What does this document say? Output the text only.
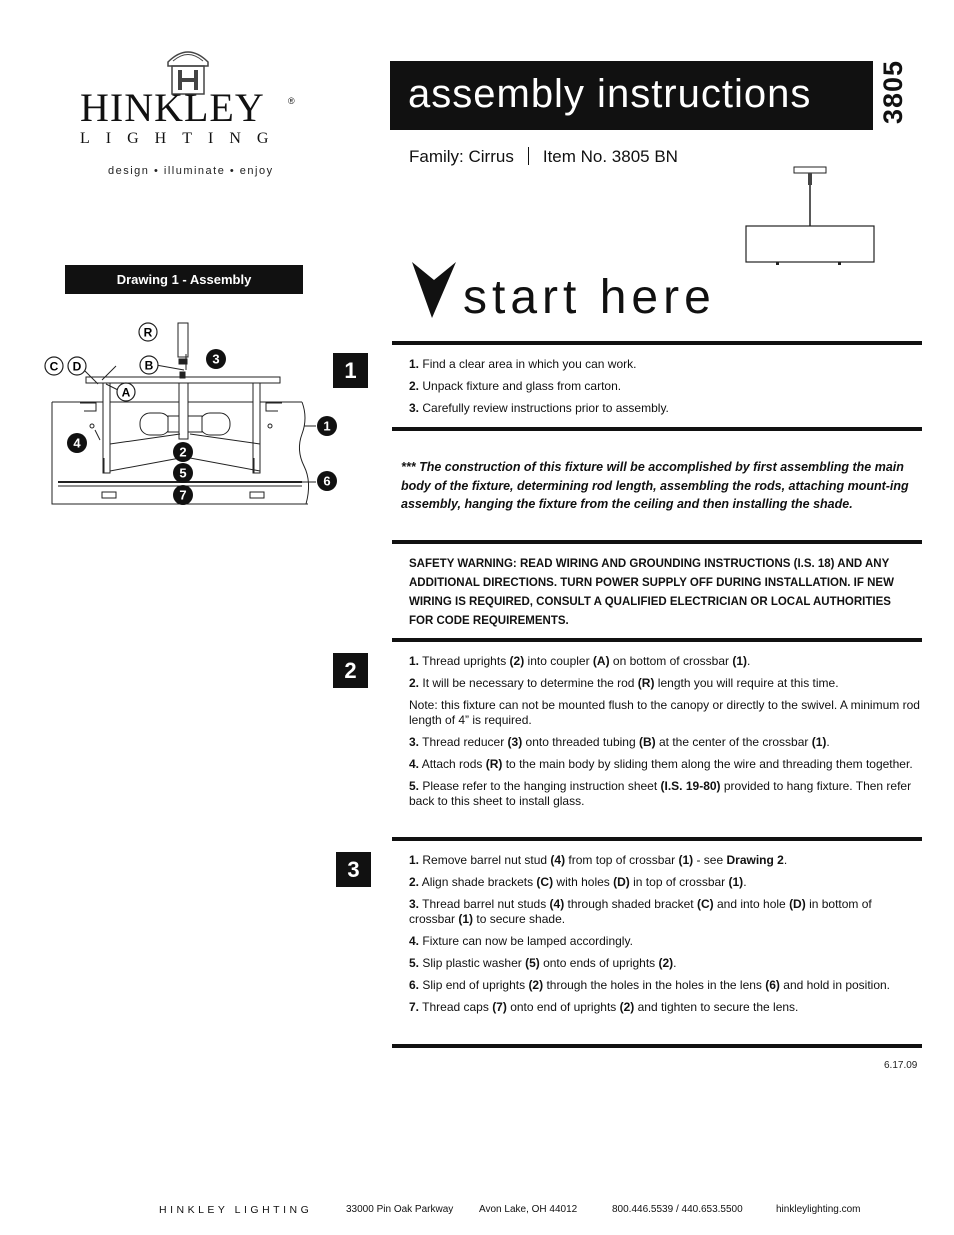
HINKLEY	®
LIGHTING
design • illuminate • enjoy
assembly instructions 3805
Family: Cirrus Item No. 3805 BN
start here
Drawing 1 - Assembly
R
B
C D
A
3
1
4
2
5
6
7
1	1. Find a clear area in which you can work.

2. Unpack fixture and glass from carton.

3. Carefully review instructions prior to assembly.

*** The construction of this fixture will be accomplished by first assembling the main body of the fixture, determining rod length, assembling the rods, attaching mount-ing assembly, hanging the fixture from the ceiling and then installing the shade.
SAFETY WARNING: READ WIRING AND GROUNDING INSTRUCTIONS (I.S. 18) AND ANY ADDITIONAL DIRECTIONS. TURN POWER SUPPLY OFF DURING INSTALLATION. IF NEW WIRING IS REQUIRED, CONSULT A QUALIFIED ELECTRICIAN OR LOCAL AUTHORITIES FOR CODE REQUIREMENTS.
2	1. Thread uprights (2) into coupler (A) on bottom of crossbar (1).

2. It will be necessary to determine the rod (R) length you will require at this time.

Note: this fixture can not be mounted flush to the canopy or directly to the swivel. A minimum rod length of 4” is required.

3. Thread reducer (3) onto threaded tubing (B) at the center of the crossbar (1).

4. Attach rods (R) to the main body by sliding them along the wire and threading them together.

5. Please refer to the hanging instruction sheet (I.S. 19-80) provided to hang fixture. Then refer back to this sheet to install glass.

3	1. Remove barrel nut stud (4) from top of crossbar (1) - see Drawing 2.

2. Align shade brackets (C) with holes (D) in top of crossbar (1).

3. Thread barrel nut studs (4) through shaded bracket (C) and into hole (D) in bottom of crossbar (1) to secure shade.

4. Fixture can now be lamped accordingly.

5. Slip plastic washer (5) onto ends of uprights (2).

6. Slip end of uprights (2) through the holes in the holes in the lens (6) and hold in position.

7. Thread caps (7) onto end of uprights (2) and tighten to secure the lens.

6.17.09
HINKLEY LIGHTING	33000 Pin Oak Parkway	Avon Lake, OH 44012	800.446.5539 / 440.653.5500	hinkleylighting.com
